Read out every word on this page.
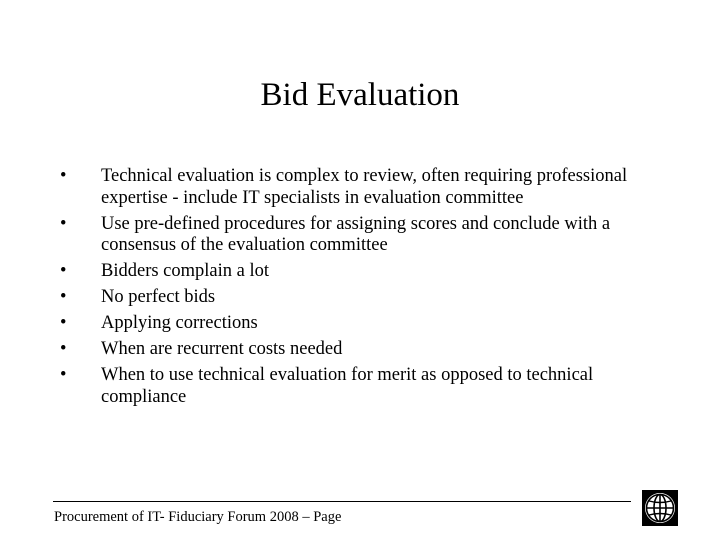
Bid Evaluation
• Technical evaluation is complex to review, often requiring professional expertise - include IT specialists in evaluation committee
• Use pre-defined procedures for assigning scores and conclude with a consensus of the evaluation committee
• Bidders complain a lot
• No perfect bids
• Applying corrections
• When are recurrent costs needed
• When to use technical evaluation for merit as opposed to technical compliance
Procurement of IT- Fiduciary Forum 2008 – Page
